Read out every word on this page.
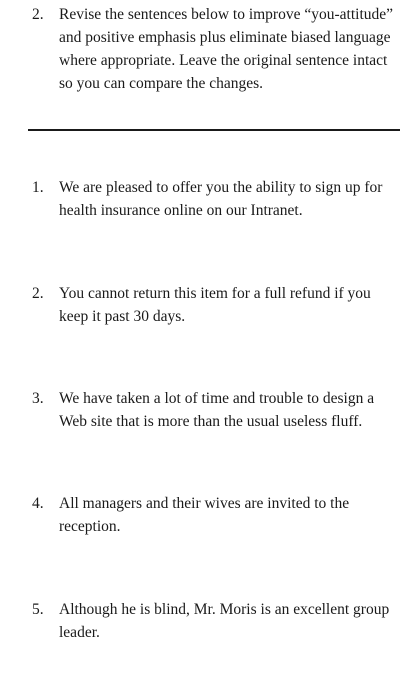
2. Revise the sentences below to improve “you-attitude” and positive emphasis plus eliminate biased language where appropriate. Leave the original sentence intact so you can compare the changes.
1. We are pleased to offer you the ability to sign up for health insurance online on our Intranet.
2. You cannot return this item for a full refund if you keep it past 30 days.
3. We have taken a lot of time and trouble to design a Web site that is more than the usual useless fluff.
4. All managers and their wives are invited to the reception.
5. Although he is blind, Mr. Moris is an excellent group leader.
